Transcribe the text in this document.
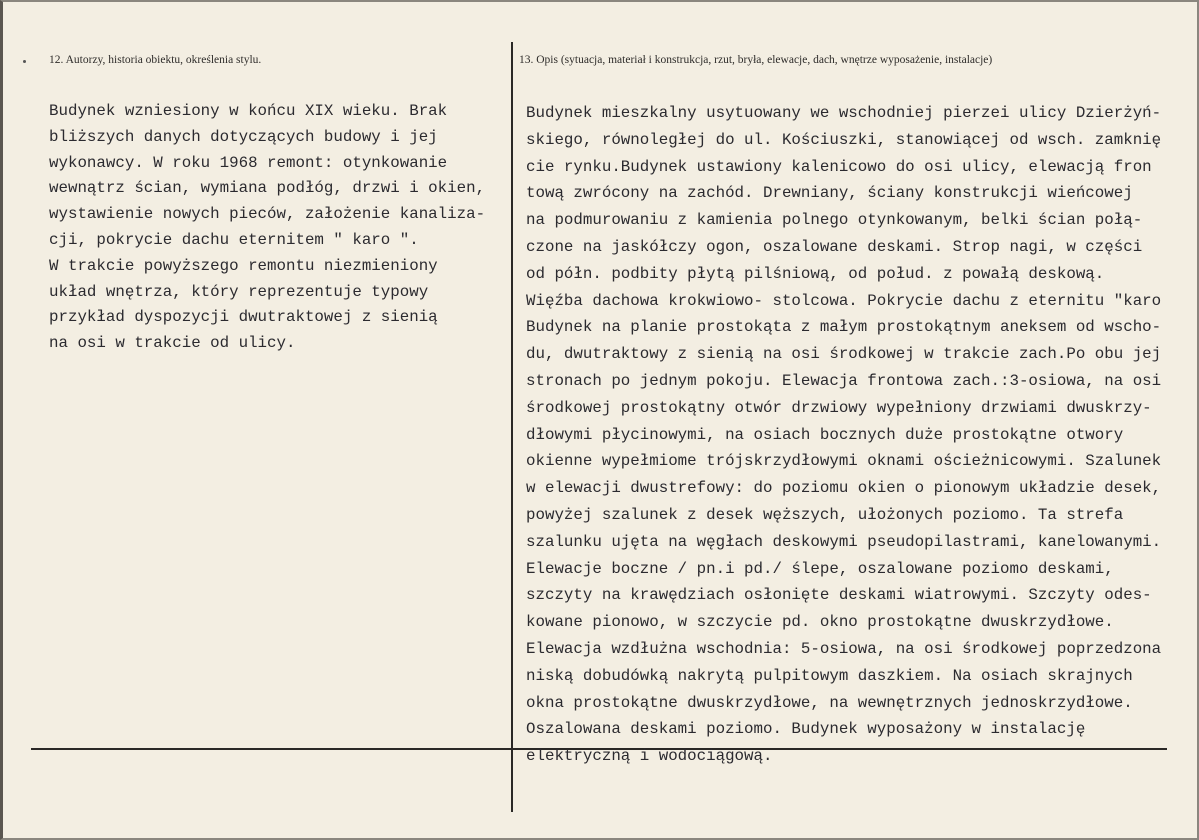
12. Autorzy, historia obiektu, określenia stylu.	13. Opis (sytuacja, materiał i konstrukcja, rzut, bryła, elewacje, dach, wnętrze wyposażenie, instalacje)
Budynek wzniesiony w końcu XIX wieku. Brak
bliższych danych dotyczących budowy i jej
wykonawcy. W roku 1968 remont: otynkowanie
wewnątrz ścian, wymiana podłóg, drzwi i okien,
wystawienie nowych pieców, założenie kanaliza-
cji, pokrycie dachu eternitem " karo ".
W trakcie powyższego remontu niezmieniony
układ wnętrza, który reprezentuje typowy
przykład dyspozycji dwutraktowej z sienią
na osi w trakcie od ulicy.
Budynek mieszkalny usytuowany we wschodniej pierzei ulicy Dzierżyń-
skiego, równoległej do ul. Kościuszki, stanowiącej od wsch. zamknię
cie rynku.Budynek ustawiony kalenicowo do osi ulicy, elewacją fron
tową zwrócony na zachód. Drewniany, ściany konstrukcji wieńcowej
na podmurowaniu z kamienia polnego otynkowanym, belki ścian połą-
czone na jaskółczy ogon, oszalowane deskami. Strop nagi, w części
od półn. podbity płytą pilśniową, od połud. z powałą deskową.
Więźba dachowa krokwiowo- stolcowa. Pokrycie dachu z eternitu "karo
Budynek na planie prostokąta z małym prostokątnym aneksem od wscho-
du, dwutraktowy z sienią na osi środkowej w trakcie zach.Po obu jej
stronach po jednym pokoju. Elewacja frontowa zach.:3-osiowa, na osi
środkowej prostokątny otwór drzwiowy wypełniony drzwiami dwuskrzy-
dłowymi płycinowymi, na osiach bocznych duże prostokątne otwory
okienne wypełmiome trójskrzydłowymi oknami ościeżnicowymi. Szalunek
w elewacji dwustrefowy: do poziomu okien o pionowym układzie desek,
powyżej szalunek z desek węższych, ułożonych poziomo. Ta strefa
szalunku ujęta na węgłach deskowymi pseudopilastrami, kanelowanymi.
Elewacje boczne / pn.i pd./ ślepe, oszalowane poziomo deskami,
szczyty na krawędziach osłonięte deskami wiatrowymi. Szczyty odes-
kowane pionowo, w szczycie pd. okno prostokątne dwuskrzydłowe.
Elewacja wzdłużna wschodnia: 5-osiowa, na osi środkowej poprzedzona
niską dobudówką nakrytą pulpitowym daszkiem. Na osiach skrajnych
okna prostokątne dwuskrzydłowe, na wewnętrznych jednoskrzydłowe.
Oszalowana deskami poziomo. Budynek wyposażony w instalację
elektryczną i wodociągową.
